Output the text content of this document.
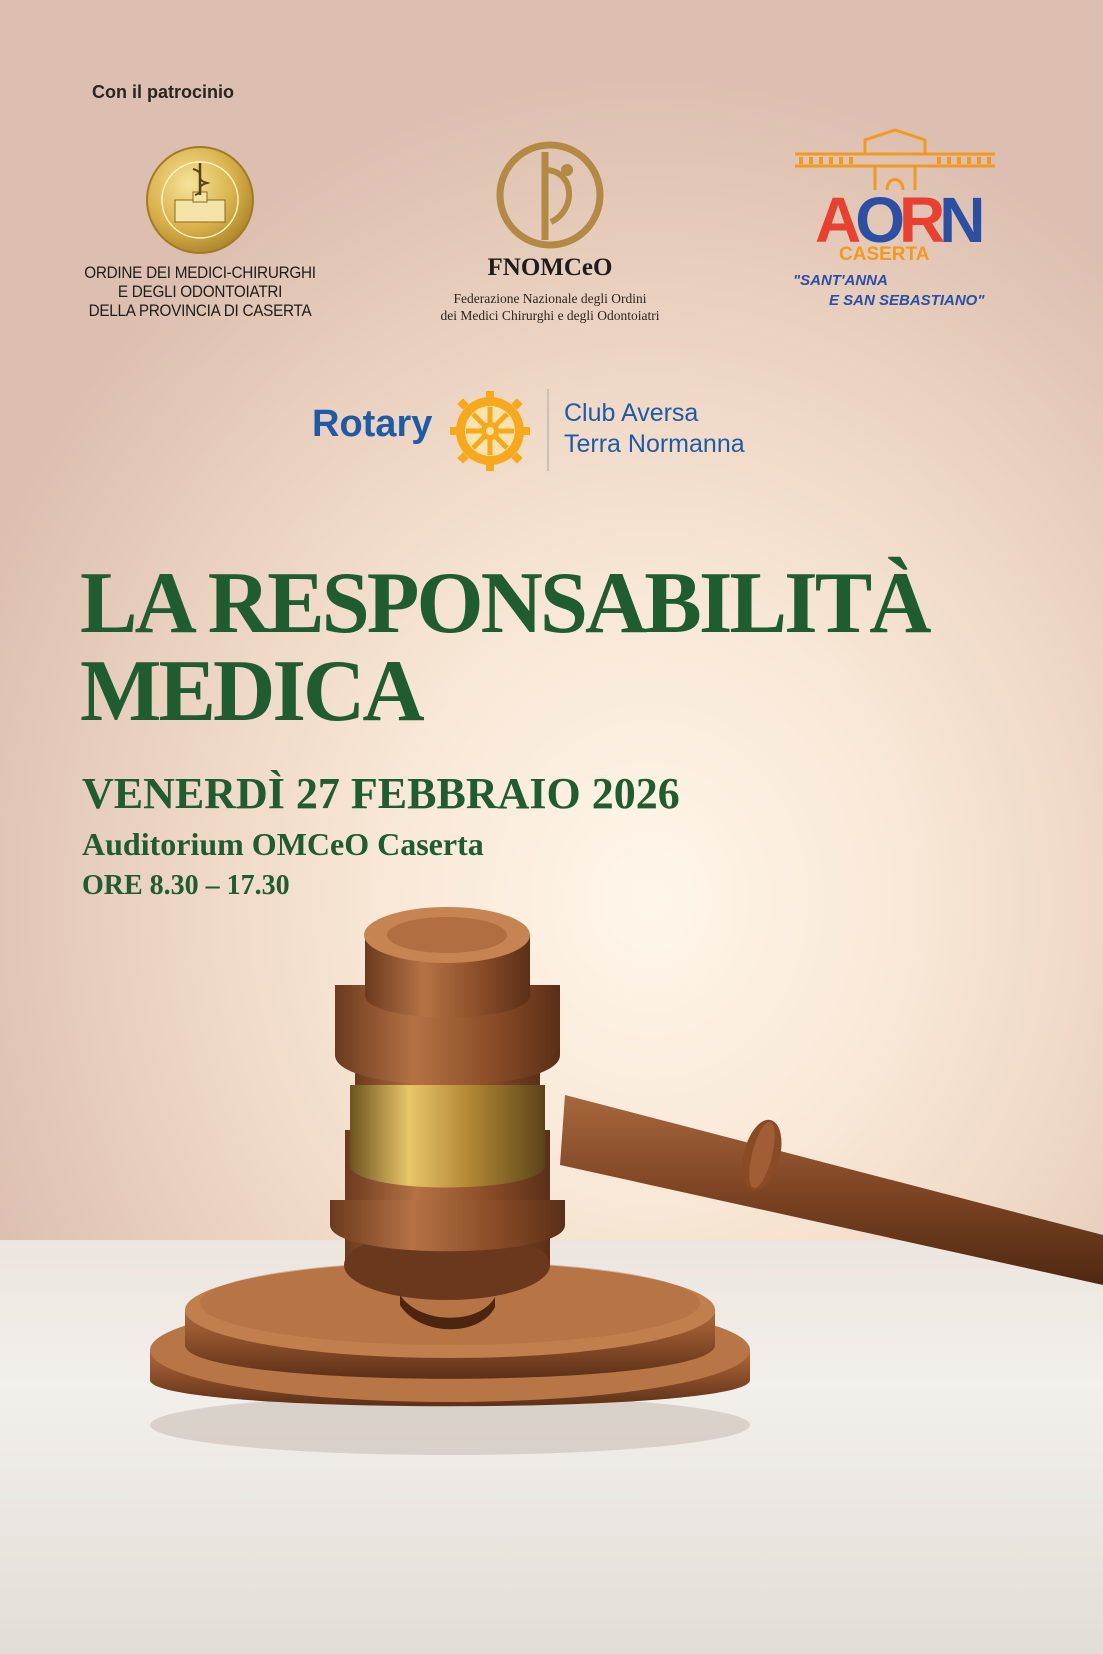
Con il patrocinio
ORDINE DEI MEDICI-CHIRURGHI
E DEGLI ODONTOIATRI
DELLA PROVINCIA DI CASERTA
FNOMCeO
Federazione Nazionale degli Ordini
dei Medici Chirurghi e degli Odontoiatri
AORN
CASERTA
"SANT'ANNA
E SAN SEBASTIANO"
Rotary	Club Aversa
Terra Normanna
LA RESPONSABILITÀ
MEDICA
VENERDÌ 27 FEBBRAIO 2026
Auditorium OMCeO Caserta
ORE 8.30 – 17.30
